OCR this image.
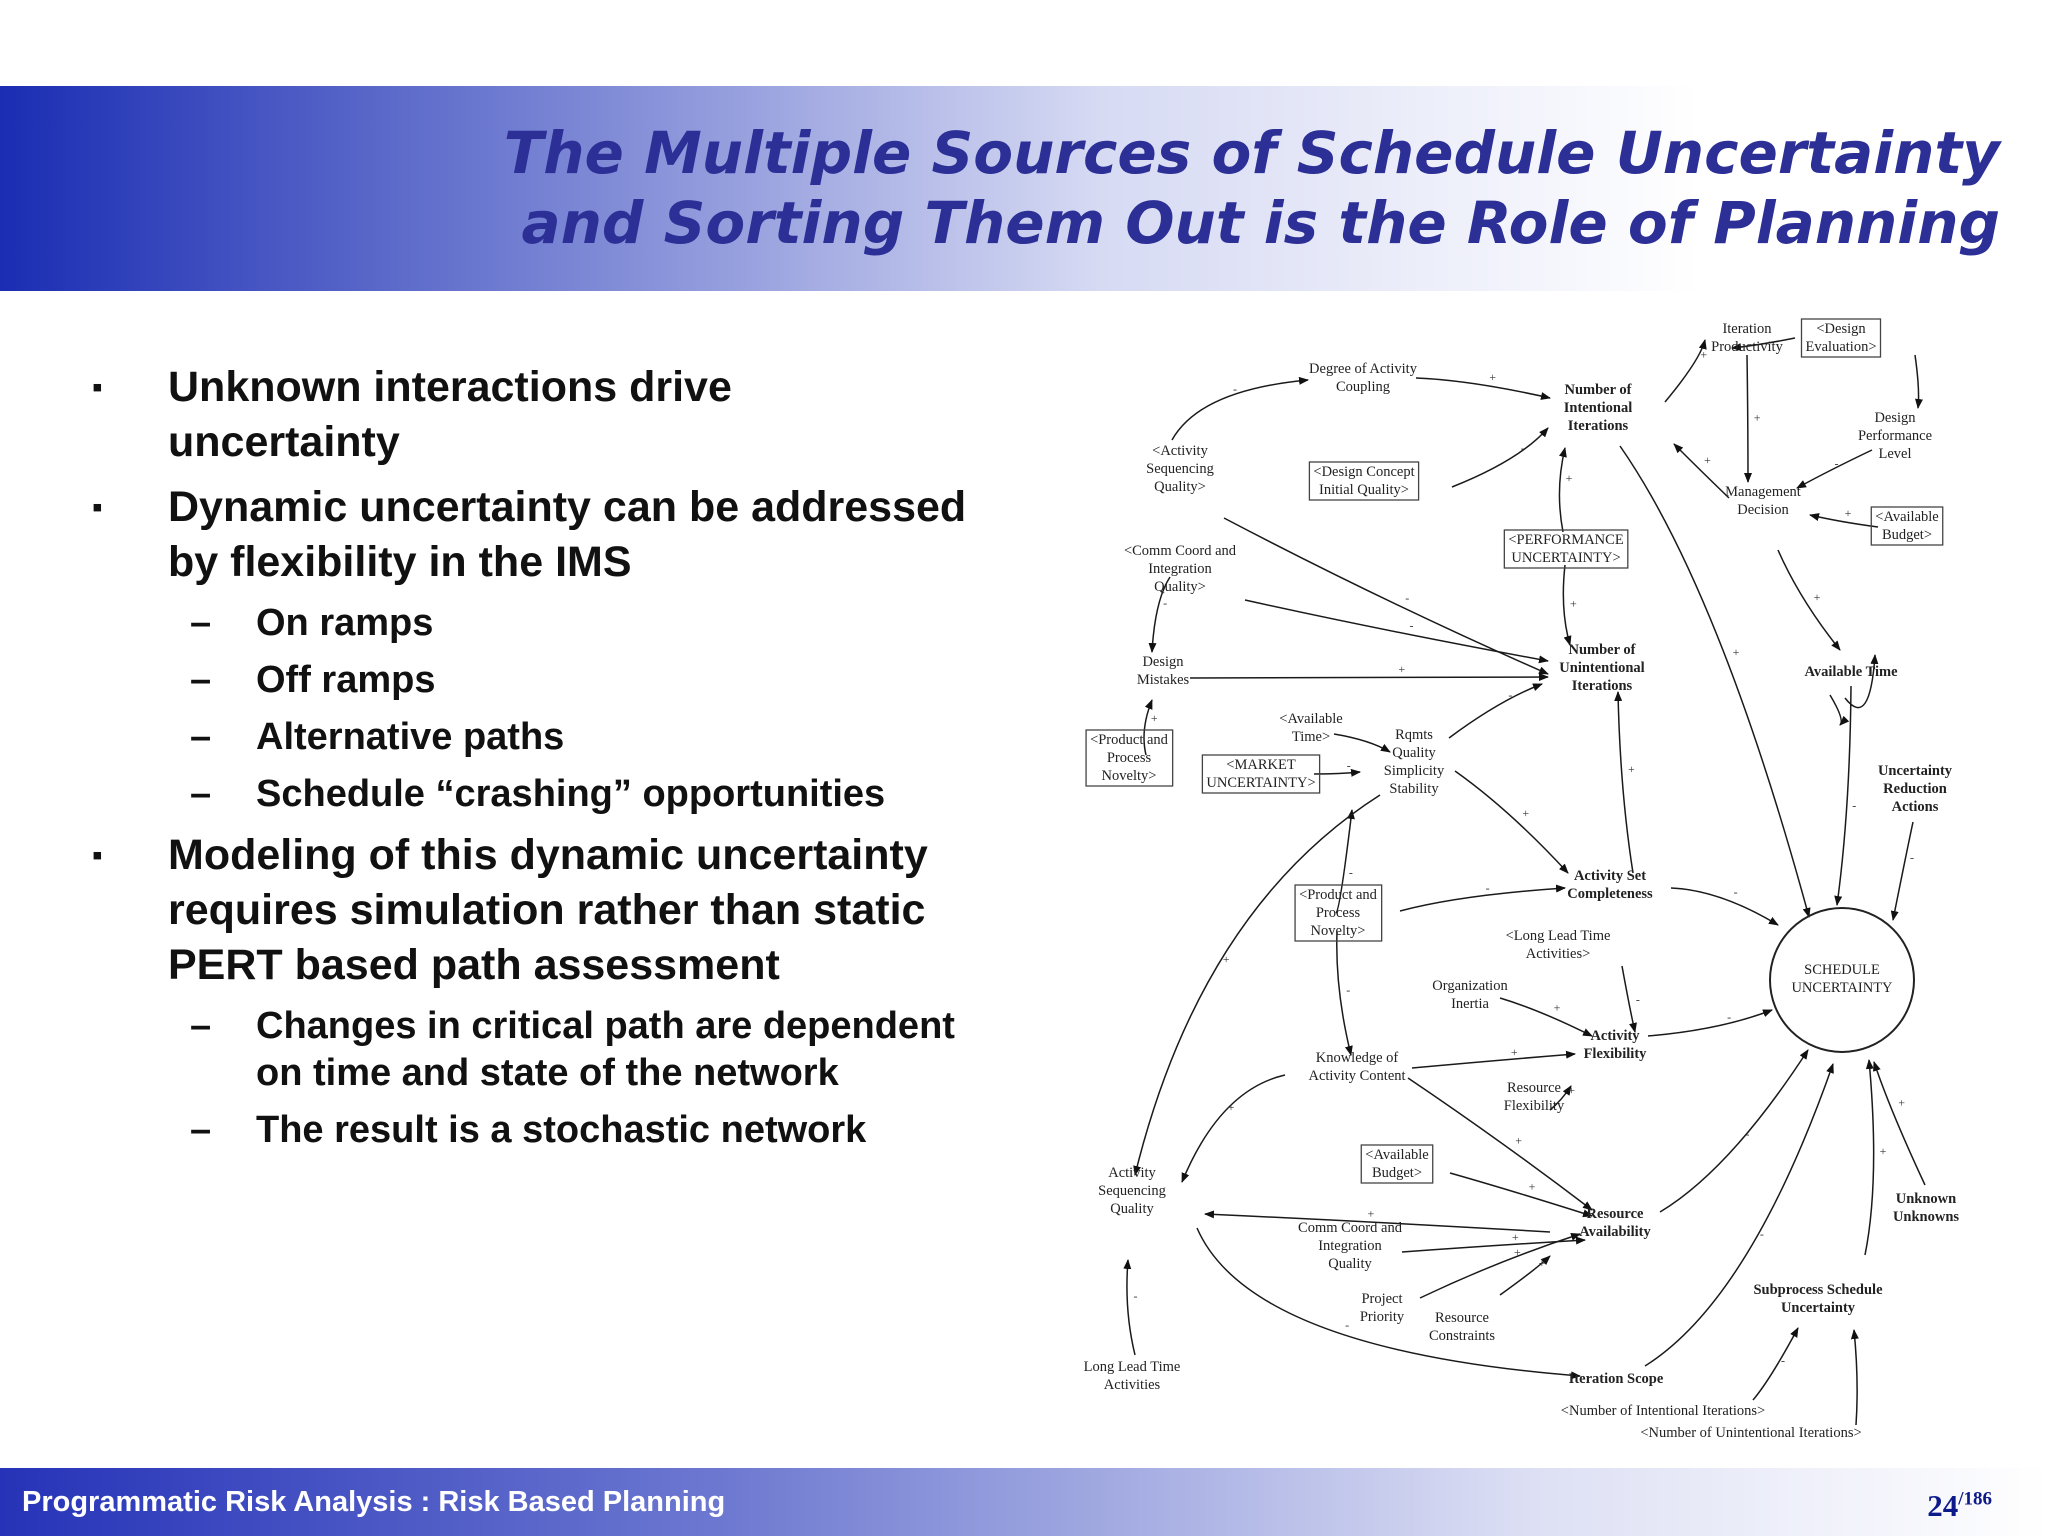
The Multiple Sources of Schedule Uncertainty
and Sorting Them Out is the Role of Planning
▪ Unknown interactions drive uncertainty
▪ Dynamic uncertainty can be addressed by flexibility in the IMS
– On ramps
– Off ramps
– Alternative paths
– Schedule “crashing” opportunities
▪ Modeling of this dynamic uncertainty requires simulation rather than static PERT based path assessment
– Changes in critical path are dependent on time and state of the network
– The result is a stochastic network
-
+
-
+
+
-
+
+
+
+
+
-
-
+
-
+
-
-
-
+
-
+
+
-
-
-
-
+
-
+
+
-
+
+
+
+
+
+
+
+
-
+
+
-
-
-
-
Iteration Productivity
<Design Evaluation>
Degree of Activity Coupling	Number of Intentional Iterations	Design Performance Level
<Design Concept Initial Quality>
<Activity Sequencing Quality>	Management Decision	<Available Budget>
<PERFORMANCE UNCERTAINTY>
<Comm Coord and Integration Quality>
Design Mistakes
Number of Unintentional Iterations
Available Time
<Available Time>
<Product and Process Novelty>
<MARKET UNCERTAINTY>
Rqmts Quality Simplicity Stability
Uncertainty Reduction Actions
Activity Set Completeness
<Product and Process Novelty>	<Long Lead Time Activities>
SCHEDULE UNCERTAINTY
Organization Inertia
Activity Flexibility
Knowledge of Activity Content
Resource Flexibility
<Available Budget>
Activity Sequencing Quality	Resource Availability
Unknown Unknowns
Comm Coord and Integration Quality
Subprocess Schedule Uncertainty
Project Priority	Resource Constraints
Long Lead Time Activities	Iteration Scope
<Number of Intentional Iterations>
<Number of Unintentional Iterations>
Programmatic Risk Analysis : Risk Based Planning	$24^{/186}$
